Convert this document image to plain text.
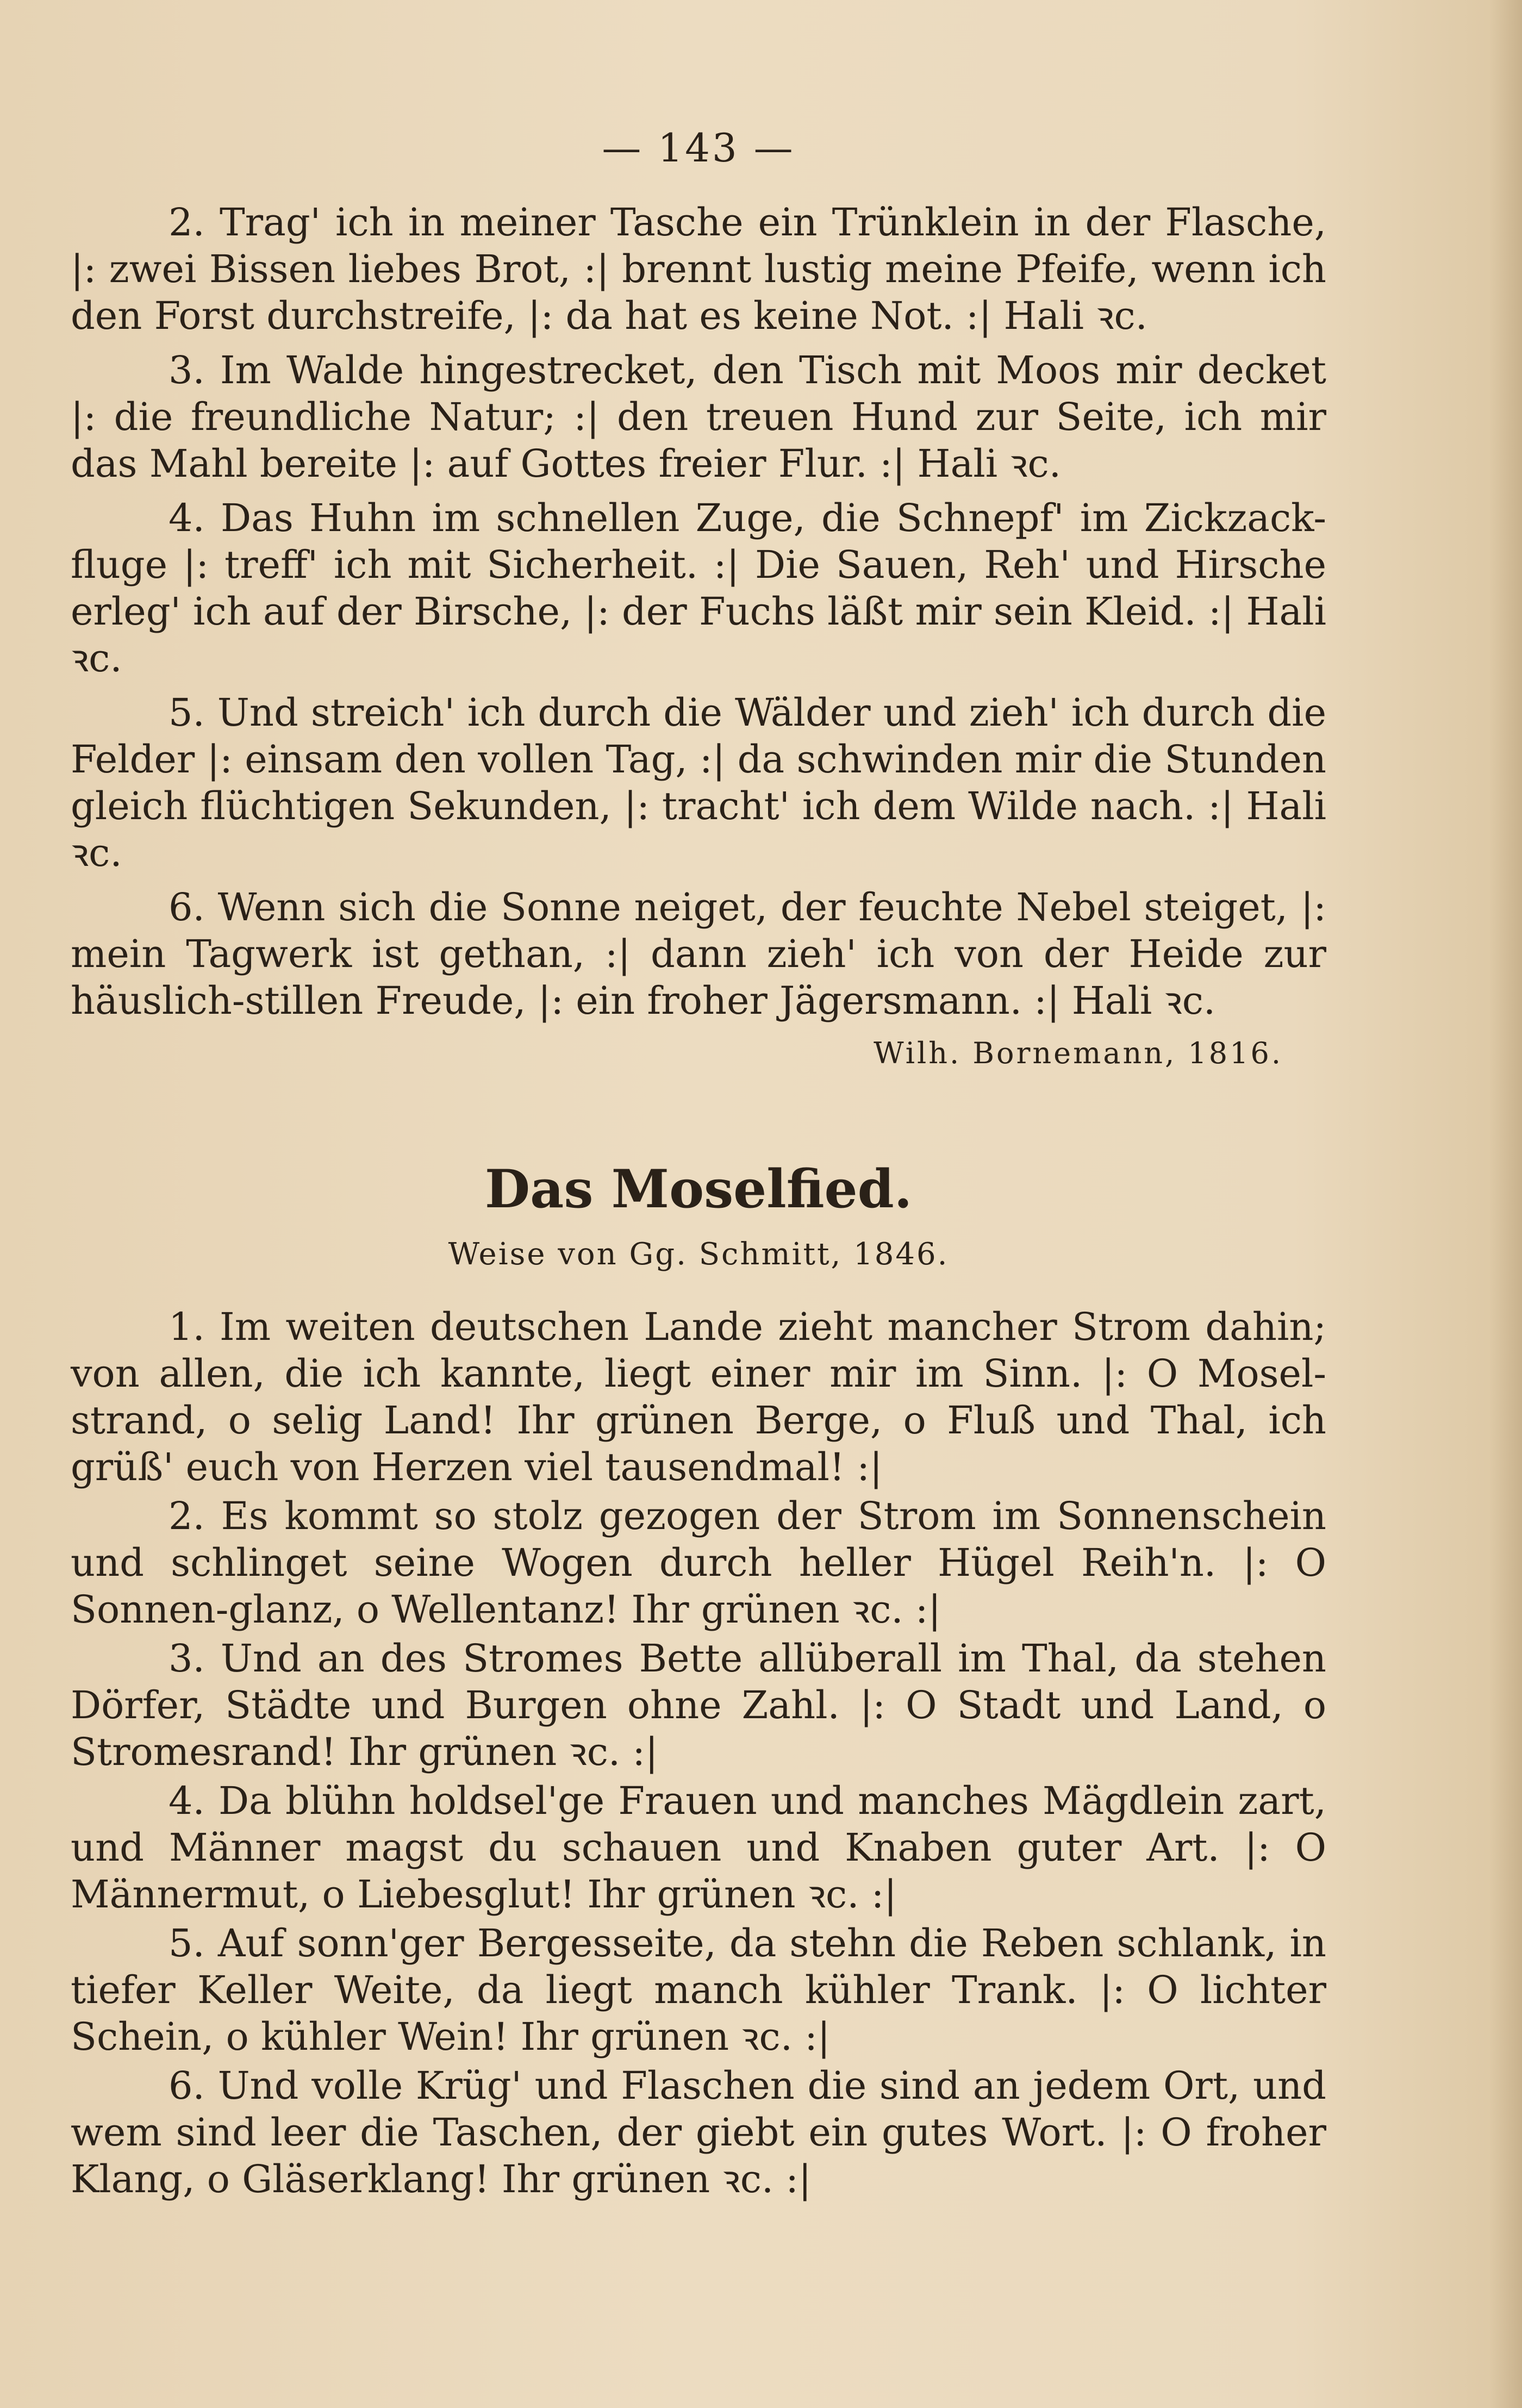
— 143 —

2. Trag' ich in meiner Tasche ein Trünklein in der Flasche, |: zwei Bissen liebes Brot, :| brennt lustig meine Pfeife, wenn ich den Forst durchstreife, |: da hat es keine Not. :| Hali ꝛc.

3. Im Walde hingestrecket, den Tisch mit Moos mir decket |: die freundliche Natur; :| den treuen Hund zur Seite, ich mir das Mahl bereite |: auf Gottes freier Flur. :| Hali ꝛc.

4. Das Huhn im schnellen Zuge, die Schnepf' im Zickzack-fluge |: treff' ich mit Sicherheit. :| Die Sauen, Reh' und Hirsche erleg' ich auf der Birsche, |: der Fuchs läßt mir sein Kleid. :| Hali ꝛc.

5. Und streich' ich durch die Wälder und zieh' ich durch die Felder |: einsam den vollen Tag, :| da schwinden mir die Stunden gleich flüchtigen Sekunden, |: tracht' ich dem Wilde nach. :| Hali ꝛc.

6. Wenn sich die Sonne neiget, der feuchte Nebel steiget, |: mein Tagwerk ist gethan, :| dann zieh' ich von der Heide zur häuslich-stillen Freude, |: ein froher Jägersmann. :| Hali ꝛc.

Wilh. Bornemann, 1816.
Das Moselfied.
Weise von Gg. Schmitt, 1846.

1. Im weiten deutschen Lande zieht mancher Strom dahin; von allen, die ich kannte, liegt einer mir im Sinn. |: O Mosel-strand, o selig Land! Ihr grünen Berge, o Fluß und Thal, ich grüß' euch von Herzen viel tausendmal! :|

2. Es kommt so stolz gezogen der Strom im Sonnenschein und schlinget seine Wogen durch heller Hügel Reih'n. |: O Sonnen-glanz, o Wellentanz! Ihr grünen ꝛc. :|

3. Und an des Stromes Bette allüberall im Thal, da stehen Dörfer, Städte und Burgen ohne Zahl. |: O Stadt und Land, o Stromesrand! Ihr grünen ꝛc. :|

4. Da blühn holdsel'ge Frauen und manches Mägdlein zart, und Männer magst du schauen und Knaben guter Art. |: O Männermut, o Liebesglut! Ihr grünen ꝛc. :|

5. Auf sonn'ger Bergesseite, da stehn die Reben schlank, in tiefer Keller Weite, da liegt manch kühler Trank. |: O lichter Schein, o kühler Wein! Ihr grünen ꝛc. :|

6. Und volle Krüg' und Flaschen die sind an jedem Ort, und wem sind leer die Taschen, der giebt ein gutes Wort. |: O froher Klang, o Gläserklang! Ihr grünen ꝛc. :|
